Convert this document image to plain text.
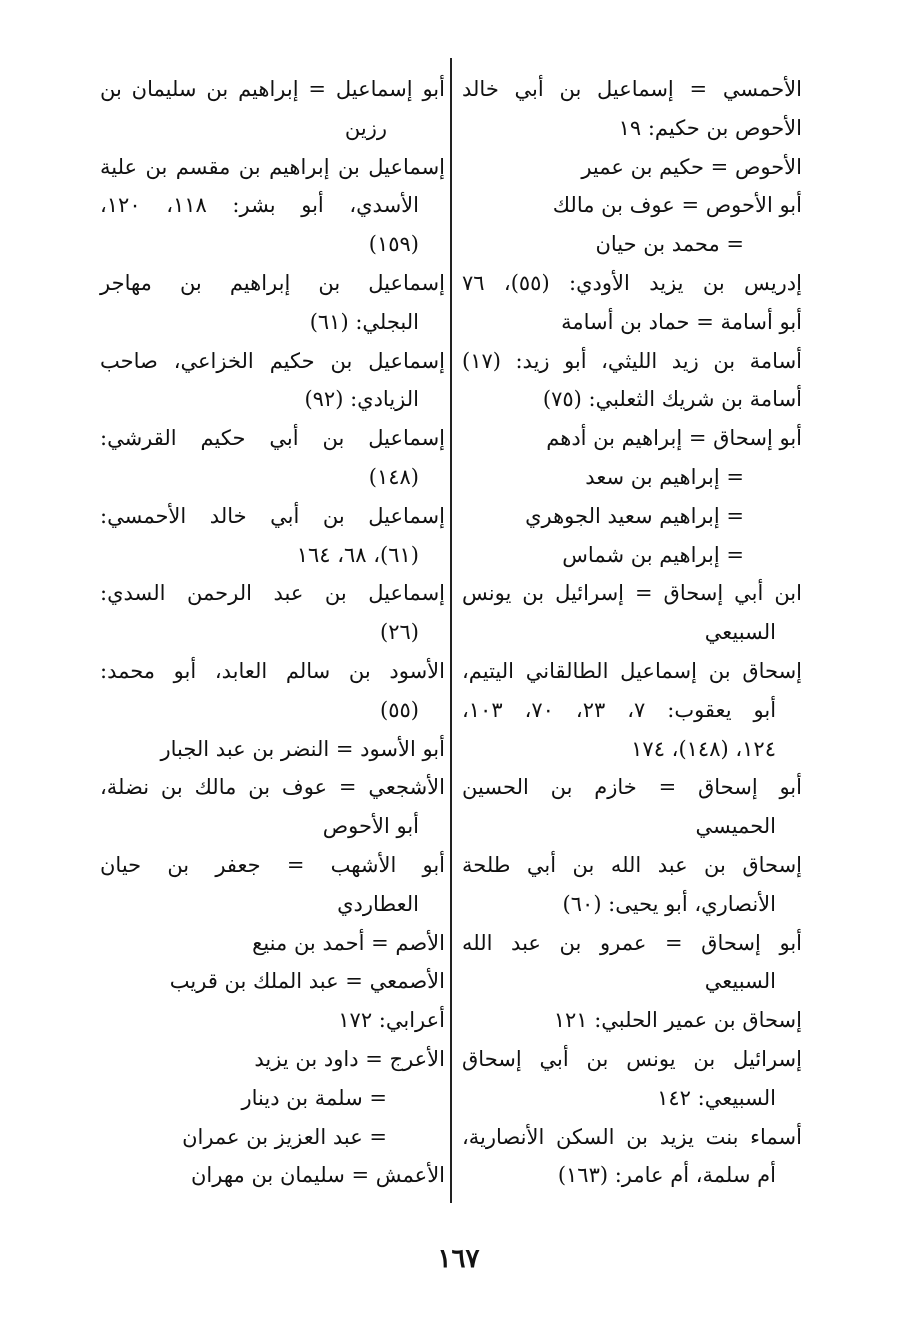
الأحمسي = إسماعيل بن أبي خالد
الأحوص بن حكيم: ١٩
الأحوص = حكيم بن عمير
أبو الأحوص = عوف بن مالك
= محمد بن حيان
إدريس بن يزيد الأودي: (٥٥)، ٧٦
أبو أسامة = حماد بن أسامة
أسامة بن زيد الليثي، أبو زيد: (١٧)
أسامة بن شريك الثعلبي: (٧٥)
أبو إسحاق = إبراهيم بن أدهم
= إبراهيم بن سعد
= إبراهيم سعيد الجوهري
= إبراهيم بن شماس
ابن أبي إسحاق = إسرائيل بن يونس
السبيعي
إسحاق بن إسماعيل الطالقاني اليتيم،
أبو يعقوب: ٧، ٢٣، ٧٠، ١٠٣،
١٢٤، (١٤٨)، ١٧٤
أبو إسحاق = خازم بن الحسين
الحميسي
إسحاق بن عبد الله بن أبي طلحة
الأنصاري، أبو يحيى: (٦٠)
أبو إسحاق = عمرو بن عبد الله
السبيعي
إسحاق بن عمير الحلبي: ١٢١
إسرائيل بن يونس بن أبي إسحاق
السبيعي: ١٤٢
أسماء بنت يزيد بن السكن الأنصارية،
أم سلمة، أم عامر: (١٦٣)
أبو إسماعيل = إبراهيم بن سليمان بن
رزين
إسماعيل بن إبراهيم بن مقسم بن علية
الأسدي، أبو بشر: ١١٨، ١٢٠،
(١٥٩)
إسماعيل بن إبراهيم بن مهاجر
البجلي: (٦١)
إسماعيل بن حكيم الخزاعي، صاحب
الزيادي: (٩٢)
إسماعيل بن أبي حكيم القرشي:
(١٤٨)
إسماعيل بن أبي خالد الأحمسي:
(٦١)، ٦٨، ١٦٤
إسماعيل بن عبد الرحمن السدي:
(٢٦)
الأسود بن سالم العابد، أبو محمد:
(٥٥)
أبو الأسود = النضر بن عبد الجبار
الأشجعي = عوف بن مالك بن نضلة،
أبو الأحوص
أبو الأشهب = جعفر بن حيان
العطاردي
الأصم = أحمد بن منيع
الأصمعي = عبد الملك بن قريب
أعرابي: ١٧٢
الأعرج = داود بن يزيد
= سلمة بن دينار
= عبد العزيز بن عمران
الأعمش = سليمان بن مهران
١٦٧
